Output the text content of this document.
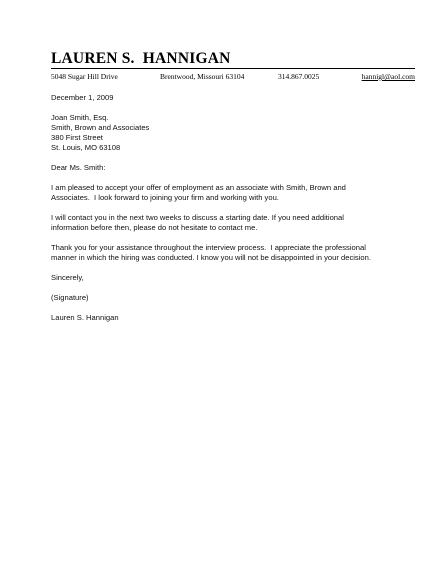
LAUREN S.  HANNIGAN
5048 Sugar Hill Drive	Brentwood, Missouri 63104	314.867.0025	hannigl@aol.com

December 1, 2009

Joan Smith, Esq.
Smith, Brown and Associates
380 First Street
St. Louis, MO 63108

Dear Ms. Smith:

I am pleased to accept your offer of employment as an associate with Smith, Brown and
Associates.  I look forward to joining your firm and working with you.

I will contact you in the next two weeks to discuss a starting date. If you need additional
information before then, please do not hesitate to contact me.

Thank you for your assistance throughout the interview process.  I appreciate the professional
manner in which the hiring was conducted. I know you will not be disappointed in your decision.

Sincerely,

(Signature)

Lauren S. Hannigan
